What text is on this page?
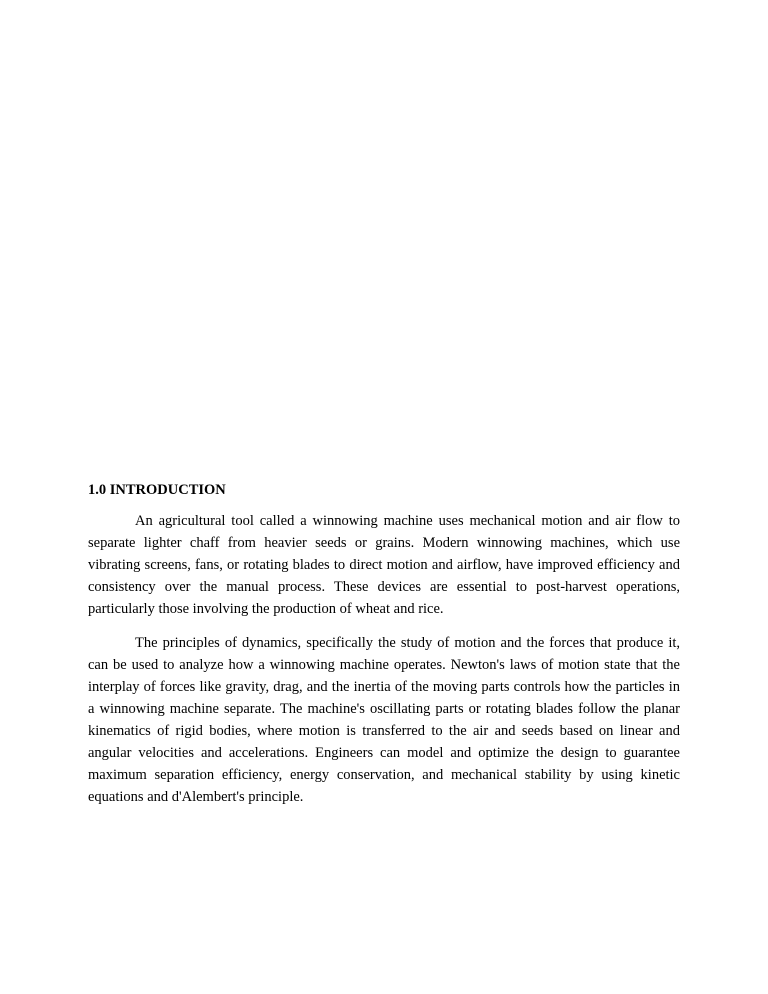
1.0 INTRODUCTION

An agricultural tool called a winnowing machine uses mechanical motion and air flow to separate lighter chaff from heavier seeds or grains. Modern winnowing machines, which use vibrating screens, fans, or rotating blades to direct motion and airflow, have improved efficiency and consistency over the manual process. These devices are essential to post-harvest operations, particularly those involving the production of wheat and rice.

The principles of dynamics, specifically the study of motion and the forces that produce it, can be used to analyze how a winnowing machine operates. Newton's laws of motion state that the interplay of forces like gravity, drag, and the inertia of the moving parts controls how the particles in a winnowing machine separate. The machine's oscillating parts or rotating blades follow the planar kinematics of rigid bodies, where motion is transferred to the air and seeds based on linear and angular velocities and accelerations. Engineers can model and optimize the design to guarantee maximum separation efficiency, energy conservation, and mechanical stability by using kinetic equations and d'Alembert's principle.
